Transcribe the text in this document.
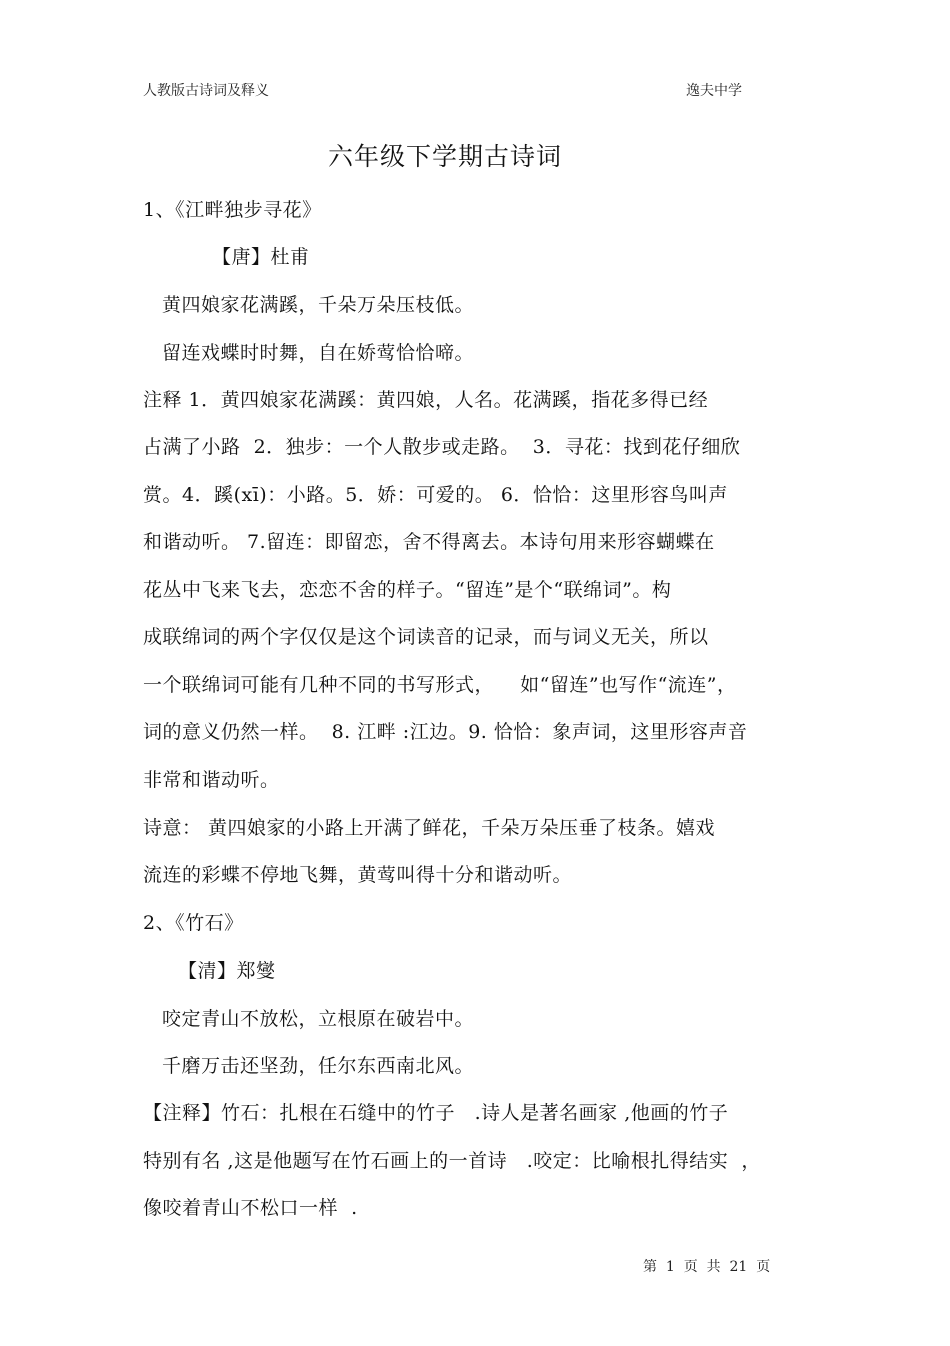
人教版古诗词及释义	逸夫中学
六年级下学期古诗词
1、《江畔独步寻花》
【唐】杜甫
黄四娘家花满蹊，千朵万朵压枝低。
留连戏蝶时时舞，自在娇莺恰恰啼。
注释 1．黄四娘家花满蹊：黄四娘，人名。花满蹊，指花多得已经
占满了小路  2．独步：一个人散步或走路。  3．寻花：找到花仔细欣
赏。4．蹊(xī)：小路。5．娇：可爱的。 6．恰恰：这里形容鸟叫声
和谐动听。 7.留连：即留恋，舍不得离去。本诗句用来形容蝴蝶在
花丛中飞来飞去，恋恋不舍的样子。“留连”是个“联绵词”。构
成联绵词的两个字仅仅是这个词读音的记录，而与词义无关，所以
一个联绵词可能有几种不同的书写形式，    如“留连”也写作“流连”，
词的意义仍然一样。  8. 江畔 :江边。9. 恰恰：象声词，这里形容声音
非常和谐动听。
诗意： 黄四娘家的小路上开满了鲜花，千朵万朵压垂了枝条。嬉戏
流连的彩蝶不停地飞舞，黄莺叫得十分和谐动听。
2、《竹石》
【清】郑燮
咬定青山不放松，立根原在破岩中。
千磨万击还坚劲，任尔东西南北风。
【注释】竹石：扎根在石缝中的竹子   .诗人是著名画家 ,他画的竹子
特别有名 ,这是他题写在竹石画上的一首诗   .咬定：比喻根扎得结实  ，
像咬着青山不松口一样  .
第  1  页  共  21  页
